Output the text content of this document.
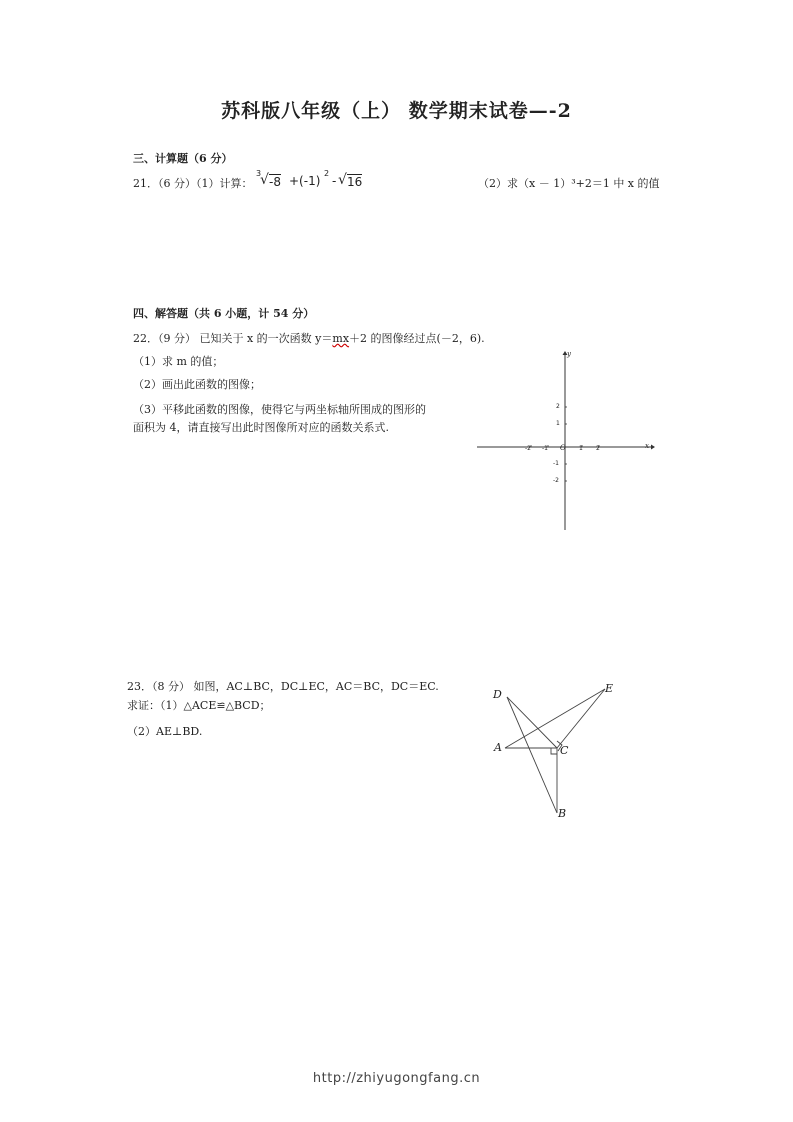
苏科版八年级（上） 数学期末试卷—-2
三、计算题（6 分）
21．（6 分）（1）计算：
3
√ -8 +(-1)
2
- √ 16	（2）求（x － 1）³+2＝1 中 x 的值
四、解答题（共 6 小题，计 54 分）
22．（9 分） 已知关于 x 的一次函数 y＝mx＋2 的图像经过点(－2，6).
（1）求 m 的值；
（2）画出此函数的图像；
（3）平移此函数的图像，使得它与两坐标轴所围成的图形的
面积为 4，请直接写出此时图像所对应的函数关系式.
x
y
O
-2 -1	1 2
2
1
-1
-2
23．（8 分） 如图，AC⊥BC，DC⊥EC，AC＝BC，DC＝EC.
求证：（1）△ACE≌△BCD；
（2）AE⊥BD.
D	E
A	C
B
http://zhiyugongfang.cn
